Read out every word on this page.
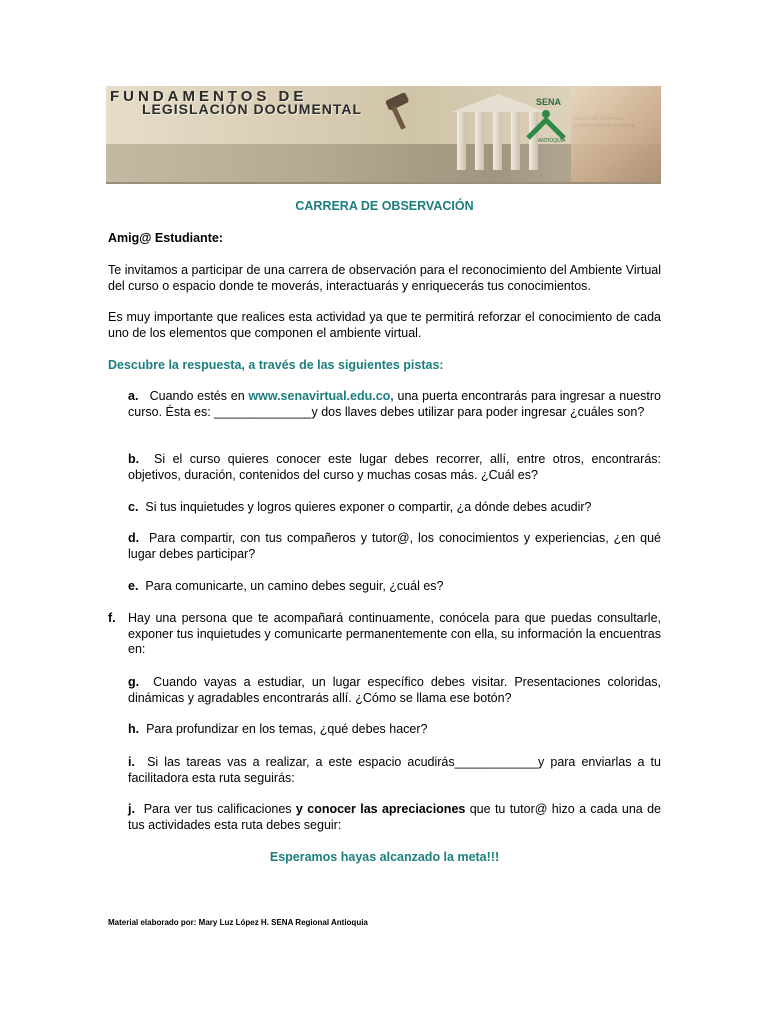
FUNDAMENTOS DE
LEGISLACIÓN DOCUMENTAL	SENA
ANTIOQUIA
CARRERA DE OBSERVACIÓN
Amig@ Estudiante:
Te invitamos a participar de una carrera de observación para el reconocimiento del Ambiente Virtual del curso o espacio donde te moverás, interactuarás y enriquecerás tus conocimientos.
Es muy importante que realices esta actividad ya que te permitirá reforzar el conocimiento de cada uno de los elementos que componen el ambiente virtual.
Descubre la respuesta, a través de las siguientes pistas:
a. Cuando estés en www.senavirtual.edu.co, una puerta encontrarás para ingresar a nuestro curso. Ésta es: ______________y dos llaves debes utilizar para poder ingresar ¿cuáles son?
b. Si el curso quieres conocer este lugar debes recorrer, allí, entre otros, encontrarás: objetivos, duración, contenidos del curso y muchas cosas más. ¿Cuál es?
c. Si tus inquietudes y logros quieres exponer o compartir, ¿a dónde debes acudir?
d. Para compartir, con tus compañeros y tutor@, los conocimientos y experiencias, ¿en qué lugar debes participar?
e. Para comunicarte, un camino debes seguir, ¿cuál es?
f. Hay una persona que te acompañará continuamente, conócela para que puedas consultarle, exponer tus inquietudes y comunicarte permanentemente con ella, su información la encuentras en:
g. Cuando vayas a estudiar, un lugar específico debes visitar. Presentaciones coloridas, dinámicas y agradables encontrarás allí. ¿Cómo se llama ese botón?
h. Para profundizar en los temas, ¿qué debes hacer?
i. Si las tareas vas a realizar, a este espacio acudirás____________y para enviarlas a tu facilitadora esta ruta seguirás:
j. Para ver tus calificaciones y conocer las apreciaciones que tu tutor@ hizo a cada una de tus actividades esta ruta debes seguir:
Esperamos hayas alcanzado la meta!!!
Material elaborado por: Mary Luz López H. SENA Regional Antioquia
